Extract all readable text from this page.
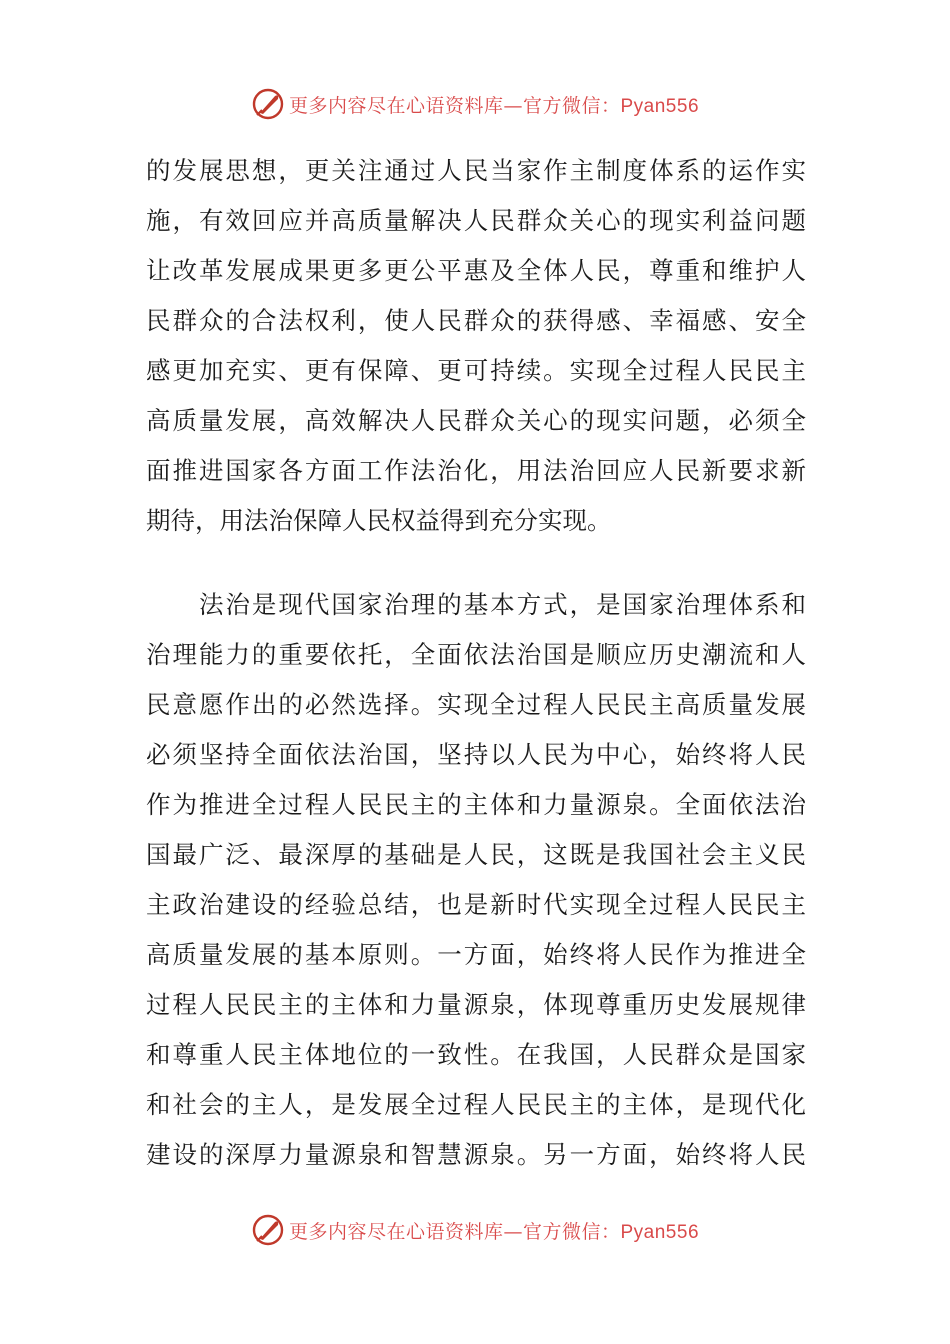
更多内容尽在心语资料库—官方微信：Pyan556
的发展思想，更关注通过人民当家作主制度体系的运作实
施，有效回应并高质量解决人民群众关心的现实利益问题
让改革发展成果更多更公平惠及全体人民，尊重和维护人
民群众的合法权利，使人民群众的获得感、幸福感、安全
感更加充实、更有保障、更可持续。实现全过程人民民主
高质量发展，高效解决人民群众关心的现实问题，必须全
面推进国家各方面工作法治化，用法治回应人民新要求新
期待，用法治保障人民权益得到充分实现。
　　法治是现代国家治理的基本方式，是国家治理体系和
治理能力的重要依托，全面依法治国是顺应历史潮流和人
民意愿作出的必然选择。实现全过程人民民主高质量发展
必须坚持全面依法治国，坚持以人民为中心，始终将人民
作为推进全过程人民民主的主体和力量源泉。全面依法治
国最广泛、最深厚的基础是人民，这既是我国社会主义民
主政治建设的经验总结，也是新时代实现全过程人民民主
高质量发展的基本原则。一方面，始终将人民作为推进全
过程人民民主的主体和力量源泉，体现尊重历史发展规律
和尊重人民主体地位的一致性。在我国，人民群众是国家
和社会的主人，是发展全过程人民民主的主体，是现代化
建设的深厚力量源泉和智慧源泉。另一方面，始终将人民
更多内容尽在心语资料库—官方微信：Pyan556
